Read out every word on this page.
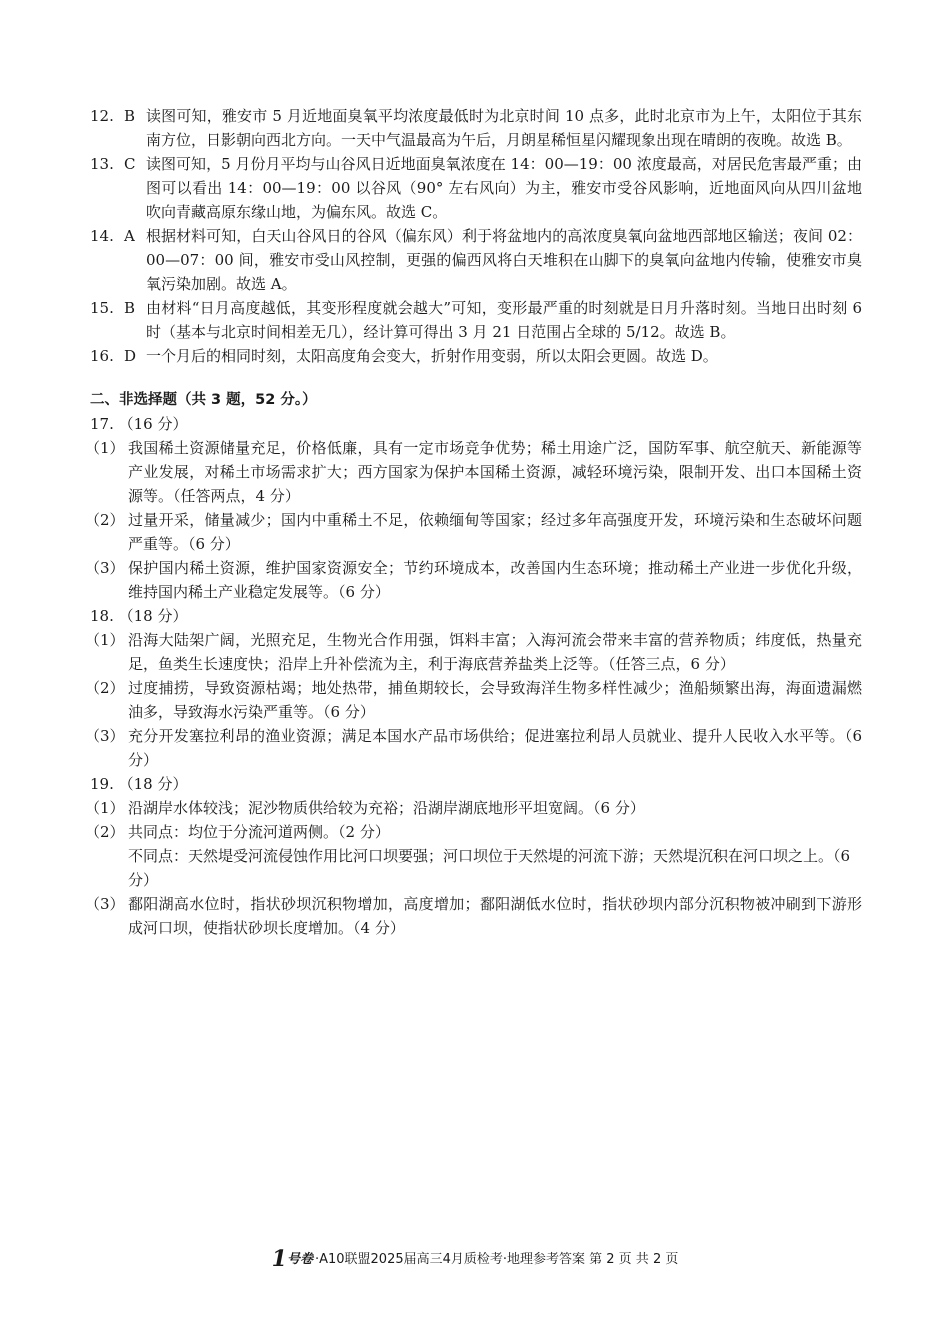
12. B 读图可知，雅安市 5 月近地面臭氧平均浓度最低时为北京时间 10 点多，此时北京市为上午，太阳位于其东南方位，日影朝向西北方向。一天中气温最高为午后，月朗星稀恒星闪耀现象出现在晴朗的夜晚。故选 B。
13. C 读图可知，5 月份月平均与山谷风日近地面臭氧浓度在 14：00—19：00 浓度最高，对居民危害最严重；由图可以看出 14：00—19：00 以谷风（90° 左右风向）为主，雅安市受谷风影响，近地面风向从四川盆地吹向青藏高原东缘山地，为偏东风。故选 C。
14. A 根据材料可知，白天山谷风日的谷风（偏东风）利于将盆地内的高浓度臭氧向盆地西部地区输送；夜间 02：00—07：00 间，雅安市受山风控制，更强的偏西风将白天堆积在山脚下的臭氧向盆地内传输，使雅安市臭氧污染加剧。故选 A。
15. B 由材料“日月高度越低，其变形程度就会越大”可知，变形最严重的时刻就是日月升落时刻。当地日出时刻 6 时（基本与北京时间相差无几），经计算可得出 3 月 21 日范围占全球的 5/12。故选 B。
16. D 一个月后的相同时刻，太阳高度角会变大，折射作用变弱，所以太阳会更圆。故选 D。
二、非选择题（共 3 题，52 分。）
17. （16 分）
（1） 我国稀土资源储量充足，价格低廉，具有一定市场竞争优势；稀土用途广泛，国防军事、航空航天、新能源等产业发展，对稀土市场需求扩大；西方国家为保护本国稀土资源，减轻环境污染，限制开发、出口本国稀土资源等。（任答两点，4 分）
（2） 过量开采，储量减少；国内中重稀土不足，依赖缅甸等国家；经过多年高强度开发，环境污染和生态破坏问题严重等。（6 分）
（3） 保护国内稀土资源，维护国家资源安全；节约环境成本，改善国内生态环境；推动稀土产业进一步优化升级，维持国内稀土产业稳定发展等。（6 分）
18. （18 分）
（1） 沿海大陆架广阔，光照充足，生物光合作用强，饵料丰富；入海河流会带来丰富的营养物质；纬度低，热量充足，鱼类生长速度快；沿岸上升补偿流为主，利于海底营养盐类上泛等。（任答三点，6 分）
（2） 过度捕捞，导致资源枯竭；地处热带，捕鱼期较长，会导致海洋生物多样性减少；渔船频繁出海，海面遗漏燃油多，导致海水污染严重等。（6 分）
（3） 充分开发塞拉利昂的渔业资源；满足本国水产品市场供给；促进塞拉利昂人员就业、提升人民收入水平等。（6 分）
19. （18 分）
（1） 沿湖岸水体较浅；泥沙物质供给较为充裕；沿湖岸湖底地形平坦宽阔。（6 分）
（2） 共同点：均位于分流河道两侧。（2 分）
不同点：天然堤受河流侵蚀作用比河口坝要强；河口坝位于天然堤的河流下游；天然堤沉积在河口坝之上。（6 分）
（3） 鄱阳湖高水位时，指状砂坝沉积物增加，高度增加；鄱阳湖低水位时，指状砂坝内部分沉积物被冲刷到下游形成河口坝，使指状砂坝长度增加。（4 分）
1号卷 ·A10联盟2025届高三4月质检考·地理参考答案 第 2 页 共 2 页
